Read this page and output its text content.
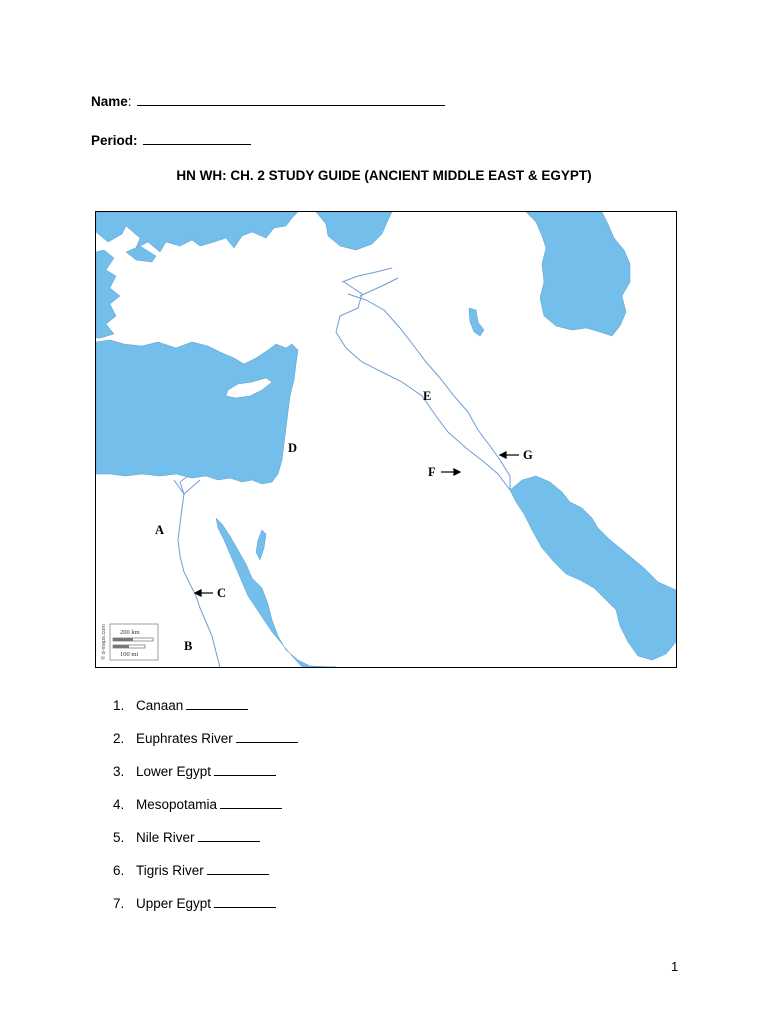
Name:
Period:
HN WH: CH. 2 STUDY GUIDE (ANCIENT MIDDLE EAST & EGYPT)
A
B
C
D
E
F
G
200 km
100 mi
© d-maps.com
1. Canaan
2. Euphrates River
3. Lower Egypt
4. Mesopotamia
5. Nile River
6. Tigris River
7. Upper Egypt
1
